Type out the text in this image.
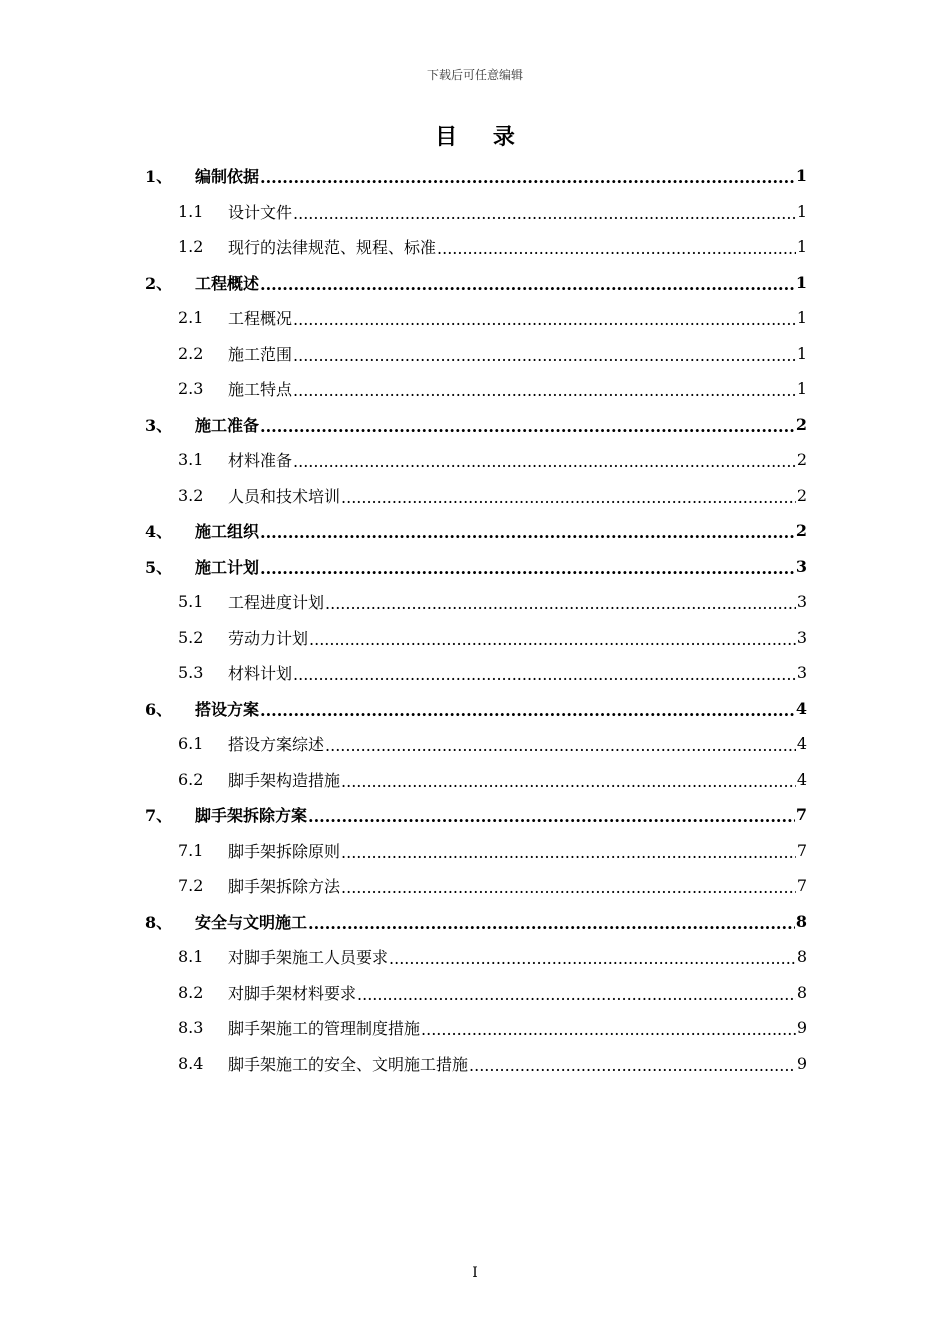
下载后可任意编辑
目 录
1、	编制依据 .....	1
1.1	设计文件 .....	1
1.2	现行的法律规范、规程、标准 .....	1
2、	工程概述 .....	1
2.1	工程概况 .....	1
2.2	施工范围 .....	1
2.3	施工特点 .....	1
3、	施工准备 .....	2
3.1	材料准备 .....	2
3.2	人员和技术培训 .....	2
4、	施工组织 .....	2
5、	施工计划 .....	3
5.1	工程进度计划 .....	3
5.2	劳动力计划 .....	3
5.3	材料计划 .....	3
6、	搭设方案 .....	4
6.1	搭设方案综述 .....	4
6.2	脚手架构造措施 .....	4
7、	脚手架拆除方案 .....	7
7.1	脚手架拆除原则 .....	7
7.2	脚手架拆除方法 .....	7
8、	安全与文明施工 .....	8
8.1	对脚手架施工人员要求 .....	8
8.2	对脚手架材料要求 .....	8
8.3	脚手架施工的管理制度措施 .....	9
8.4	脚手架施工的安全、文明施工措施 .....	9
I
